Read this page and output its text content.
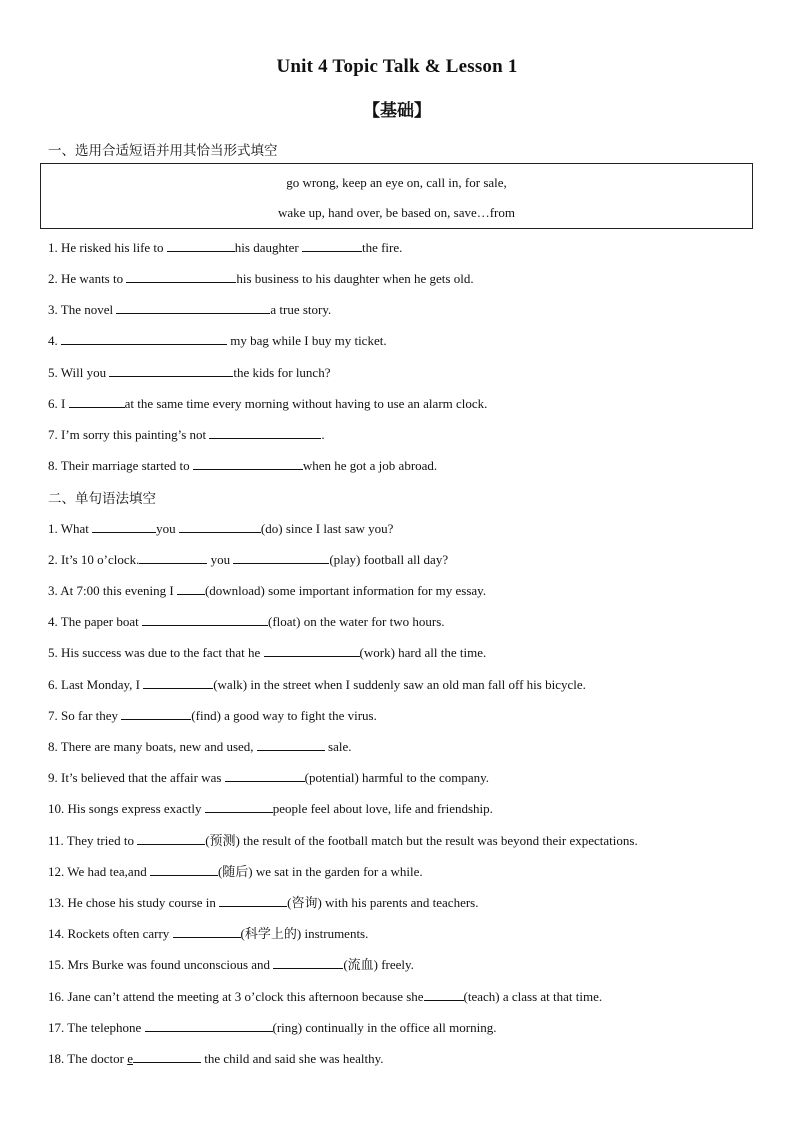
Unit 4 Topic Talk & Lesson 1
【基础】
一、选用合适短语并用其恰当形式填空
go wrong, keep an eye on, call in, for sale,
wake up, hand over, be based on, save…from
1. He risked his life to	his daughter	the fire.
2. He wants to	his business to his daughter when he gets old.
3. The novel	a true story.
4.	my bag while I buy my ticket.
5. Will you	the kids for lunch?
6. I	at the same time every morning without having to use an alarm clock.
7. I’m sorry this painting’s not	.
8. Their marriage started to	when he got a job abroad.
二、单句语法填空
1. What	you	(do) since I last saw you?
2. It’s 10 o’clock.	you	(play) football all day?
3. At 7:00 this evening I (download) some important information for my essay.
4. The paper boat	(float) on the water for two hours.
5. His success was due to the fact that he	(work) hard all the time.
6. Last Monday, I	(walk) in the street when I suddenly saw an old man fall off his bicycle.
7. So far they	(find) a good way to fight the virus.
8. There are many boats, new and used,	sale.
9. It’s believed that the affair was	(potential) harmful to the company.
10. His songs express exactly	people feel about love, life and friendship.
11. They tried to	(预测) the result of the football match but the result was beyond their expectations.
12. We had tea,and	(随后) we sat in the garden for a while.
13. He chose his study course in	(咨询) with his parents and teachers.
14. Rockets often carry	(科学上的) instruments.
15. Mrs Burke was found unconscious and	(流血) freely.
16. Jane can’t attend the meeting at 3 o’clock this afternoon because she	(teach) a class at that time.
17. The telephone	(ring) continually in the office all morning.
18. The doctor e	the child and said she was healthy.
